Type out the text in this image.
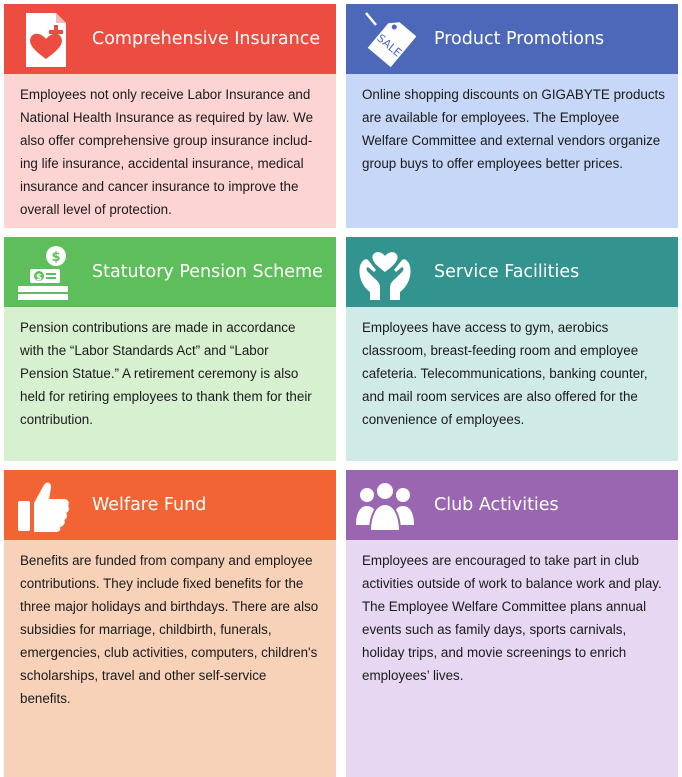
Comprehensive Insurance
Employees not only receive Labor Insurance and
National Health Insurance as required by law. We
also offer comprehensive group insurance includ-
ing life insurance, accidental insurance, medical
insurance and cancer insurance to improve the
overall level of protection.
SALE Product Promotions
Online shopping discounts on GIGABYTE products
are available for employees. The Employee
Welfare Committee and external vendors organize
group buys to offer employees better prices.
$
$	Statutory Pension Scheme
Pension contributions are made in accordance
with the “Labor Standards Act” and “Labor
Pension Statue.” A retirement ceremony is also
held for retiring employees to thank them for their
contribution.
Service Facilities
Employees have access to gym, aerobics
classroom, breast-feeding room and employee
cafeteria. Telecommunications, banking counter,
and mail room services are also offered for the
convenience of employees.
Welfare Fund
Benefits are funded from company and employee
contributions. They include fixed benefits for the
three major holidays and birthdays. There are also
subsidies for marriage, childbirth, funerals,
emergencies, club activities, computers, children's
scholarships, travel and other self-service
benefits.
Club Activities
Employees are encouraged to take part in club
activities outside of work to balance work and play.
The Employee Welfare Committee plans annual
events such as family days, sports carnivals,
holiday trips, and movie screenings to enrich
employees’ lives.
